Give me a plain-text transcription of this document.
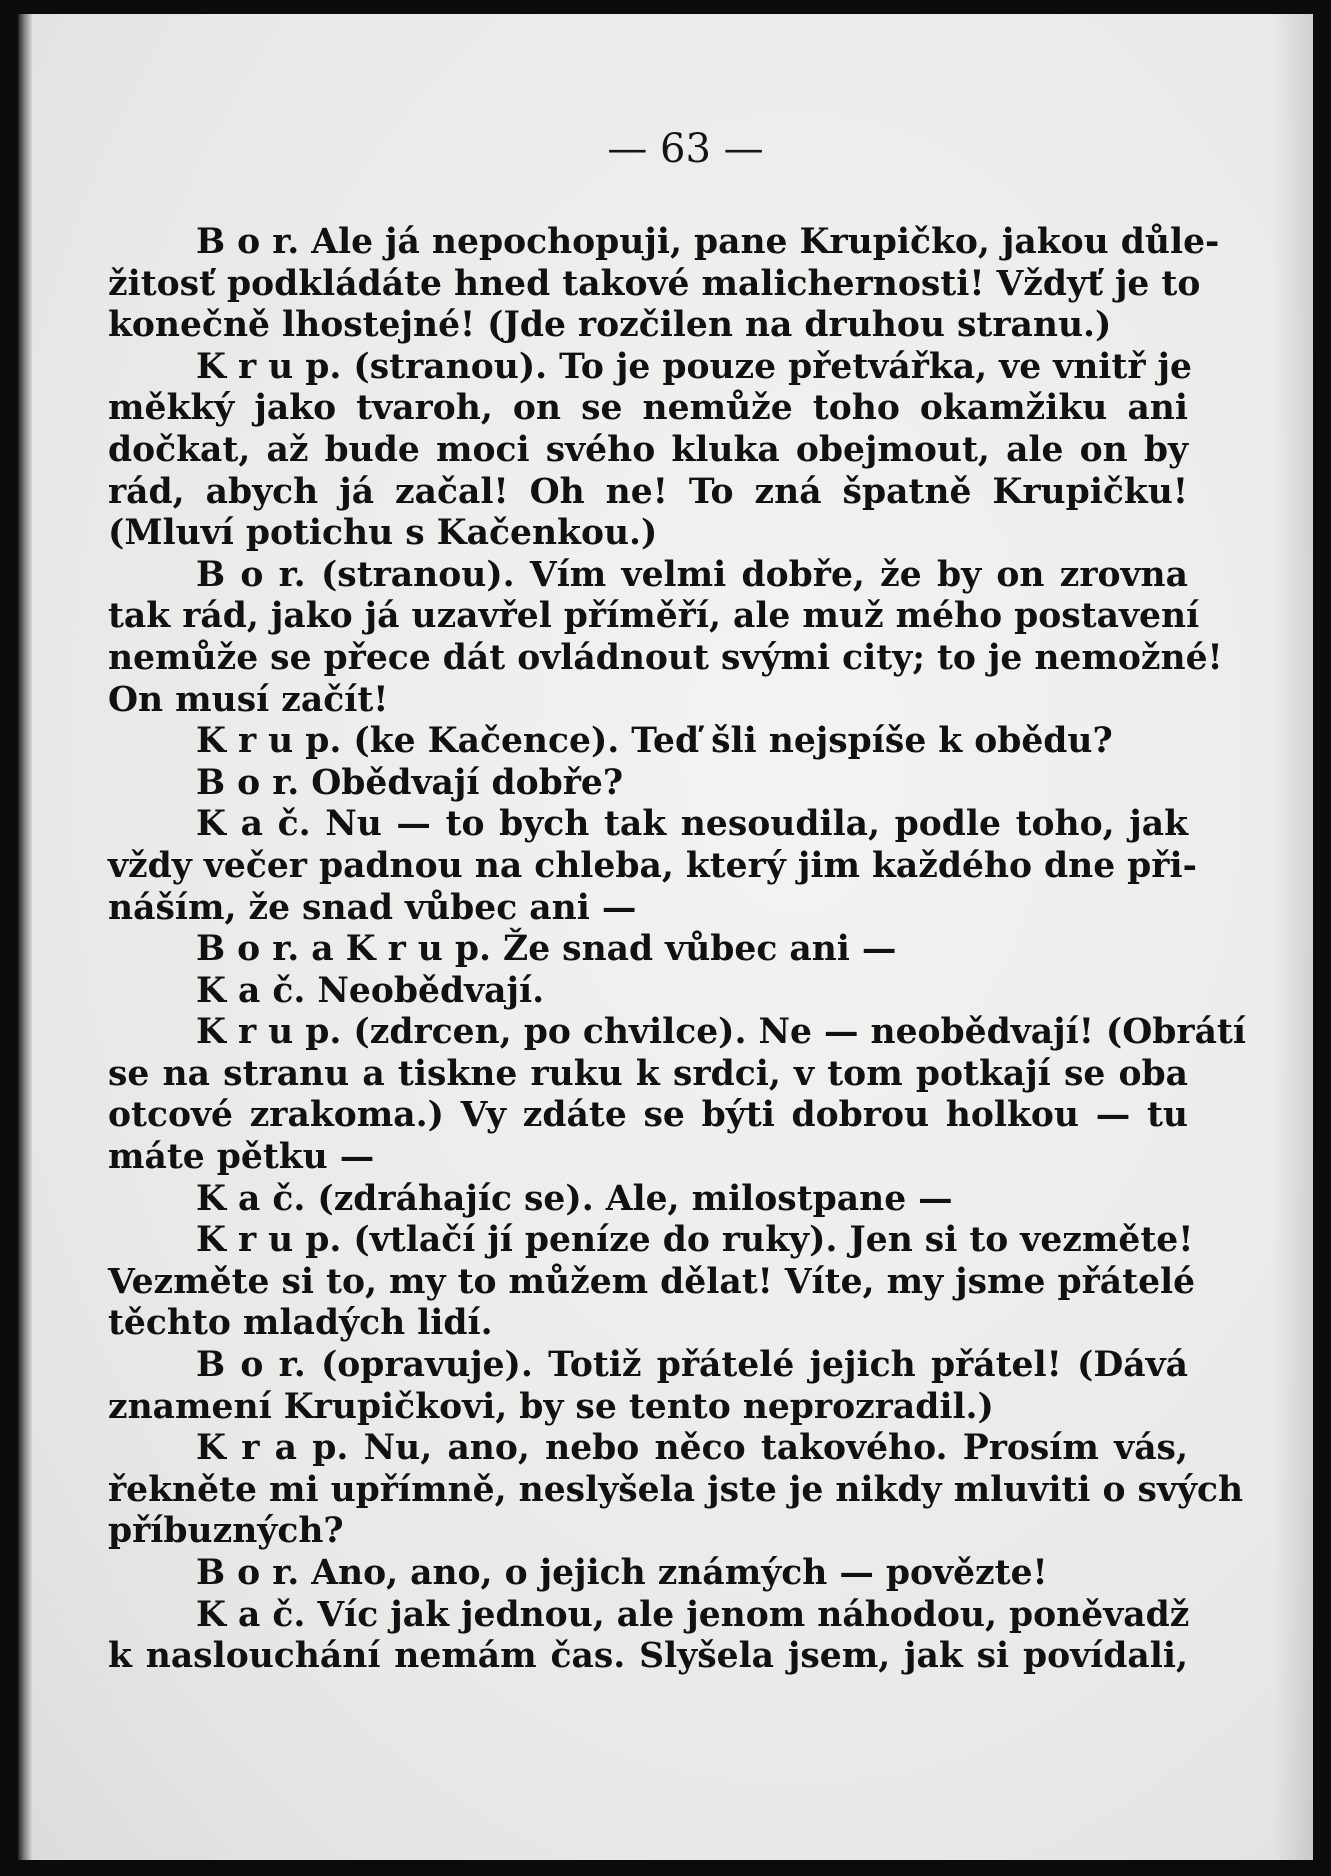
— 63 —
B o r. Ale já nepochopuji, pane Krupičko, jakou důle-
žitosť podkládáte hned takové malichernosti! Vždyť je to
konečně lhostejné! (Jde rozčilen na druhou stranu.)
K r u p. (stranou). To je pouze přetvářka, ve vnitř je
měkký jako tvaroh, on se nemůže toho okamžiku ani
dočkat, až bude moci svého kluka obejmout, ale on by
rád, abych já začal! Oh ne! To zná špatně Krupičku!
(Mluví potichu s Kačenkou.)
B o r. (stranou). Vím velmi dobře, že by on zrovna
tak rád, jako já uzavřel příměří, ale muž mého postavení
nemůže se přece dát ovládnout svými city; to je nemožné!
On musí začít!
K r u p. (ke Kačence). Teď šli nejspíše k obědu?
B o r. Obědvají dobře?
K a č. Nu — to bych tak nesoudila, podle toho, jak
vždy večer padnou na chleba, který jim každého dne při-
náším, že snad vůbec ani —
B o r. a K r u p. Že snad vůbec ani —
K a č. Neobědvají.
K r u p. (zdrcen, po chvilce). Ne — neobědvají! (Obrátí
se na stranu a tiskne ruku k srdci, v tom potkají se oba
otcové zrakoma.) Vy zdáte se býti dobrou holkou — tu
máte pětku —
K a č. (zdráhajíc se). Ale, milostpane —
K r u p. (vtlačí jí peníze do ruky). Jen si to vezměte!
Vezměte si to, my to můžem dělat! Víte, my jsme přátelé
těchto mladých lidí.
B o r. (opravuje). Totiž přátelé jejich přátel! (Dává
znamení Krupičkovi, by se tento neprozradil.)
K r a p. Nu, ano, nebo něco takového. Prosím vás,
řekněte mi upřímně, neslyšela jste je nikdy mluviti o svých
příbuzných?
B o r. Ano, ano, o jejich známých — povězte!
K a č. Víc jak jednou, ale jenom náhodou, poněvadž
k naslouchání nemám čas. Slyšela jsem, jak si povídali,
